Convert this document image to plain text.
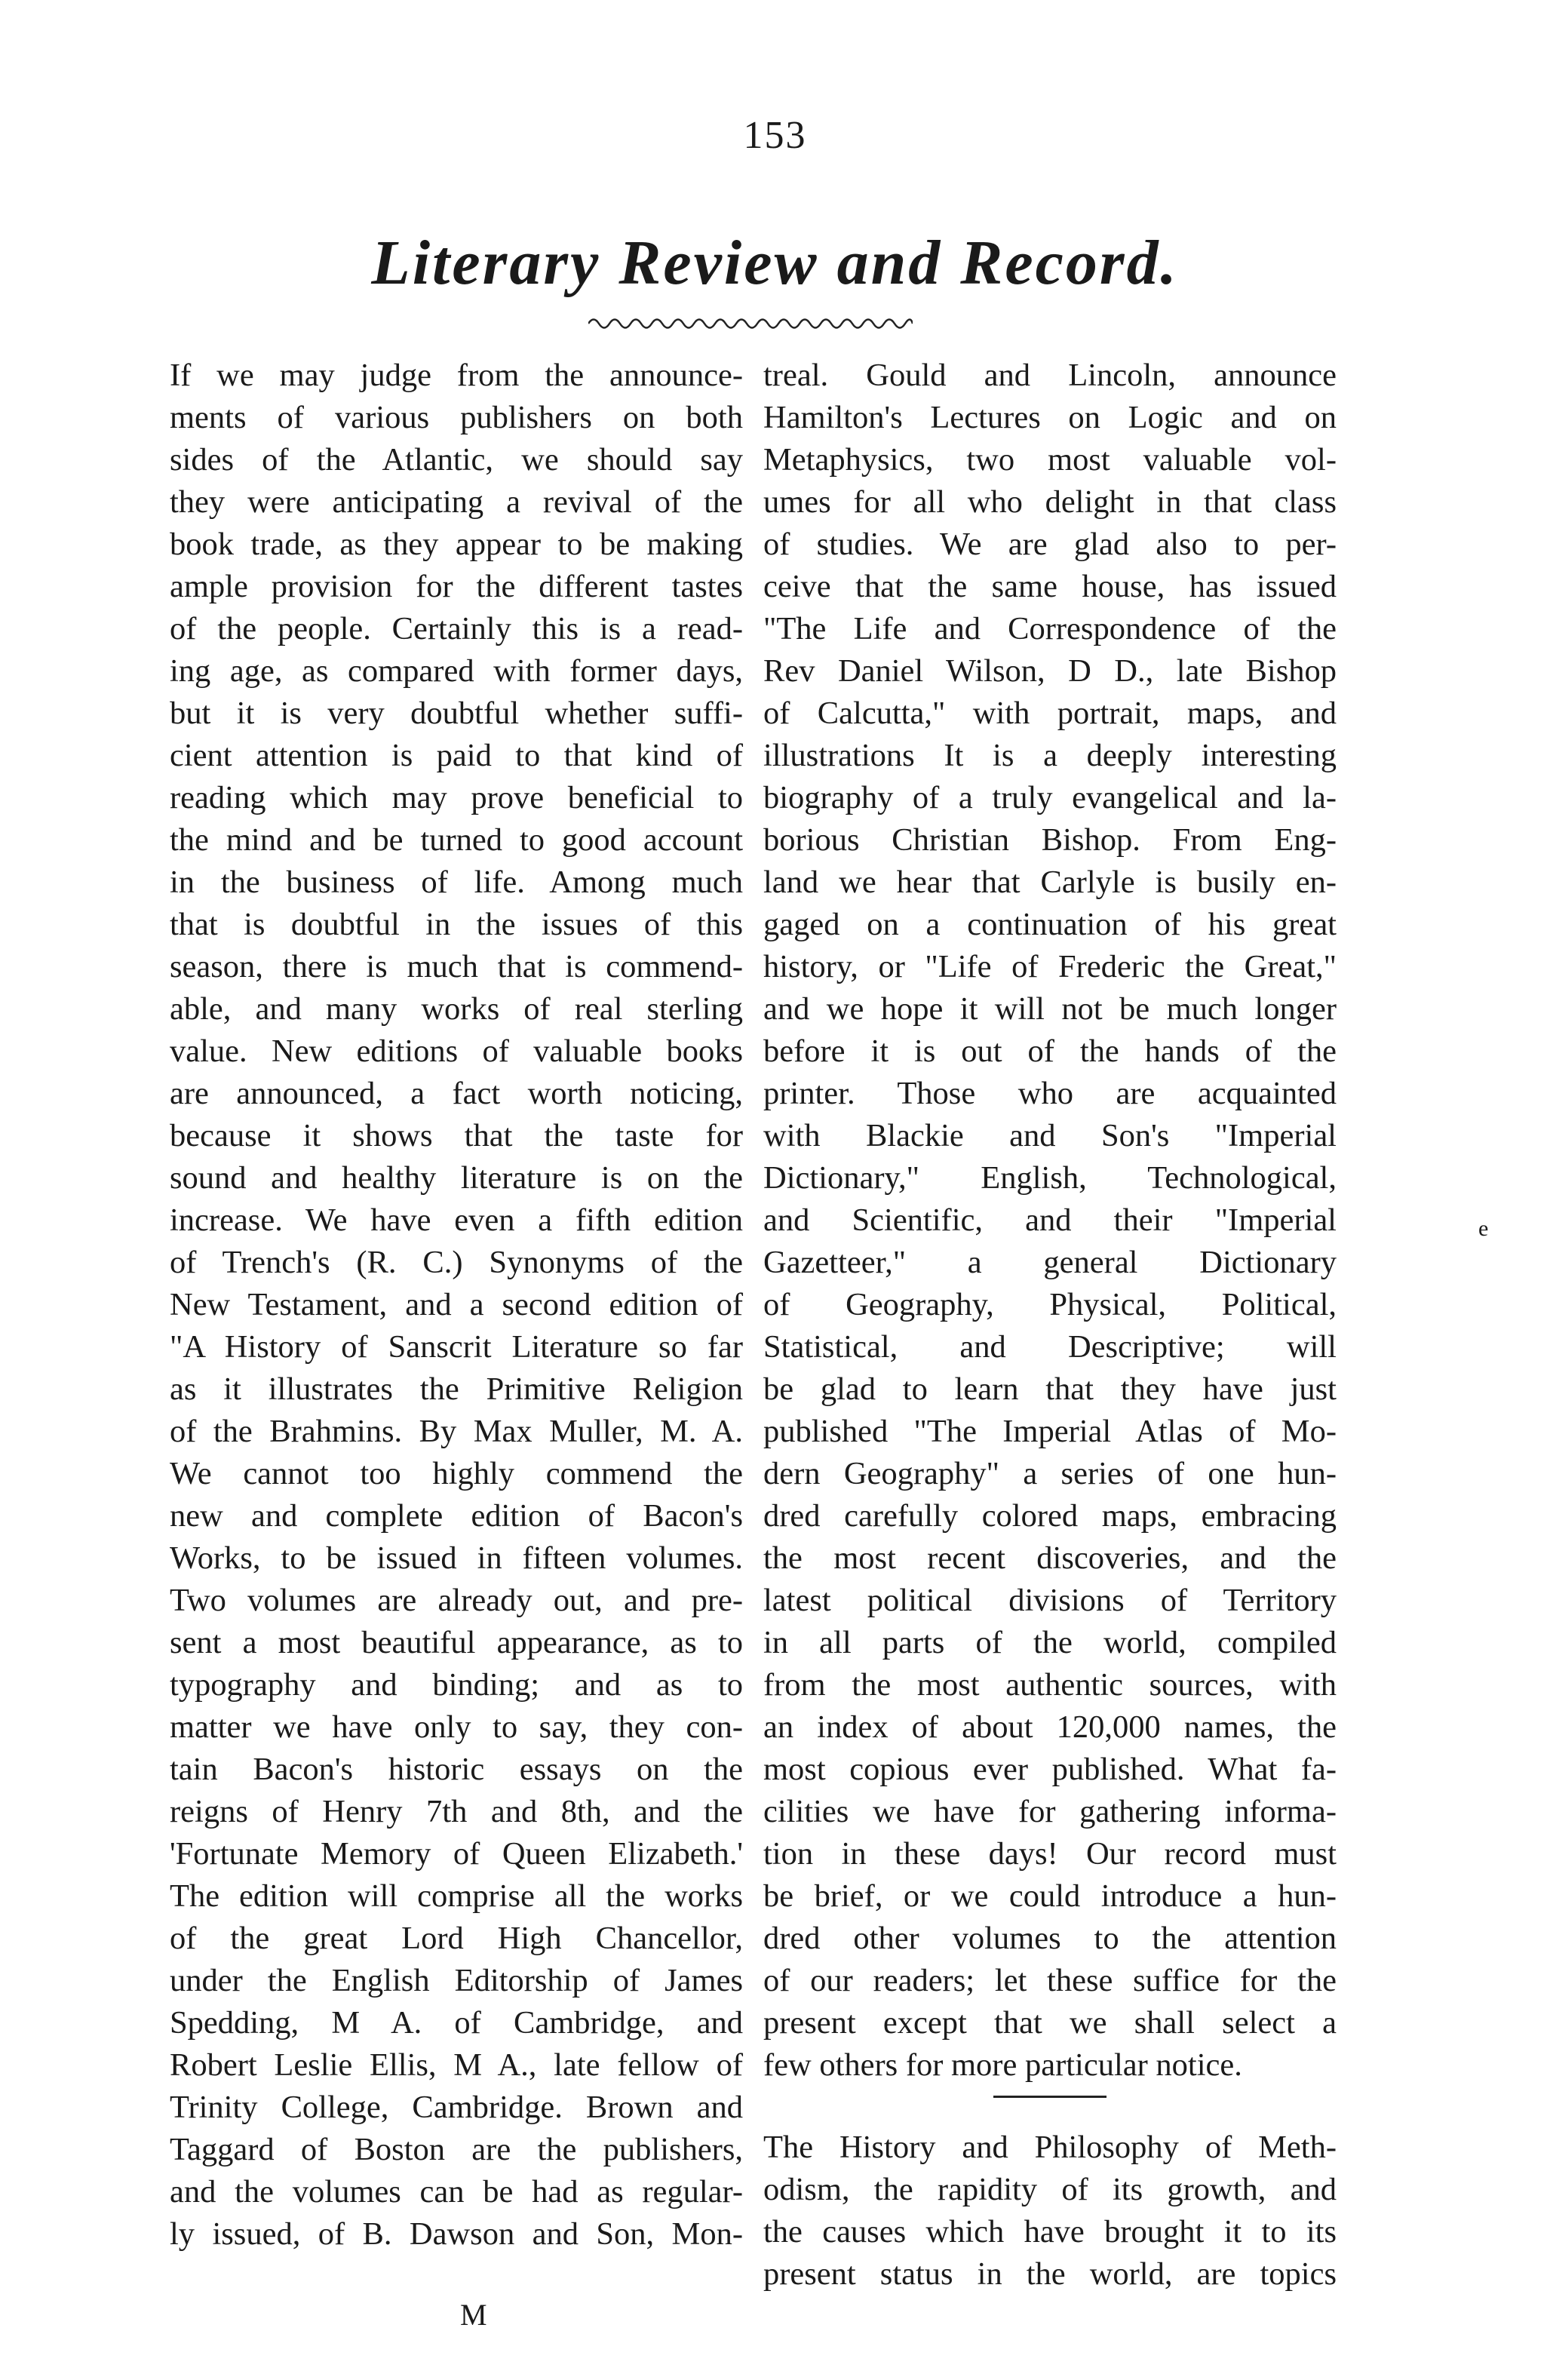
153
Literary Review and Record.
If we may judge from the announce-
ments of various publishers on both
sides of the Atlantic, we should say
they were anticipating a revival of the
book trade, as they appear to be making
ample provision for the different tastes
of the people. Certainly this is a read-
ing age, as compared with former days,
but it is very doubtful whether suffi-
cient attention is paid to that kind of
reading which may prove beneficial to
the mind and be turned to good account
in the business of life. Among much
that is doubtful in the issues of this
season, there is much that is commend-
able, and many works of real sterling
value. New editions of valuable books
are announced, a fact worth noticing,
because it shows that the taste for
sound and healthy literature is on the
increase. We have even a fifth edition
of Trench's (R. C.) Synonyms of the
New Testament, and a second edition of
"A History of Sanscrit Literature so far
as it illustrates the Primitive Religion
of the Brahmins. By Max Muller, M. A.
We cannot too highly commend the
new and complete edition of Bacon's
Works, to be issued in fifteen volumes.
Two volumes are already out, and pre-
sent a most beautiful appearance, as to
typography and binding; and as to
matter we have only to say, they con-
tain Bacon's historic essays on the
reigns of Henry 7th and 8th, and the
'Fortunate Memory of Queen Elizabeth.'
The edition will comprise all the works
of the great Lord High Chancellor,
under the English Editorship of James
Spedding, M A. of Cambridge, and
Robert Leslie Ellis, M A., late fellow of
Trinity College, Cambridge. Brown and
Taggard of Boston are the publishers,
and the volumes can be had as regular-
ly issued, of B. Dawson and Son, Mon-
treal. Gould and Lincoln, announce
Hamilton's Lectures on Logic and on
Metaphysics, two most valuable vol-
umes for all who delight in that class
of studies. We are glad also to per-
ceive that the same house, has issued
"The Life and Correspondence of the
Rev Daniel Wilson, D D., late Bishop
of Calcutta," with portrait, maps, and
illustrations It is a deeply interesting
biography of a truly evangelical and la-
borious Christian Bishop. From Eng-
land we hear that Carlyle is busily en-
gaged on a continuation of his great
history, or "Life of Frederic the Great,"
and we hope it will not be much longer
before it is out of the hands of the
printer. Those who are acquainted
with Blackie and Son's "Imperial
Dictionary," English, Technological,
and Scientific, and their "Imperial
Gazetteer," a general Dictionary
of Geography, Physical, Political,
Statistical, and Descriptive; will
be glad to learn that they have just
published "The Imperial Atlas of Mo-
dern Geography" a series of one hun-
dred carefully colored maps, embracing
the most recent discoveries, and the
latest political divisions of Territory
in all parts of the world, compiled
from the most authentic sources, with
an index of about 120,000 names, the
most copious ever published. What fa-
cilities we have for gathering informa-
tion in these days! Our record must
be brief, or we could introduce a hun-
dred other volumes to the attention
of our readers; let these suffice for the
present except that we shall select a
few others for more particular notice.
The History and Philosophy of Meth-
odism, the rapidity of its growth, and
the causes which have brought it to its
present status in the world, are topics
M
e
